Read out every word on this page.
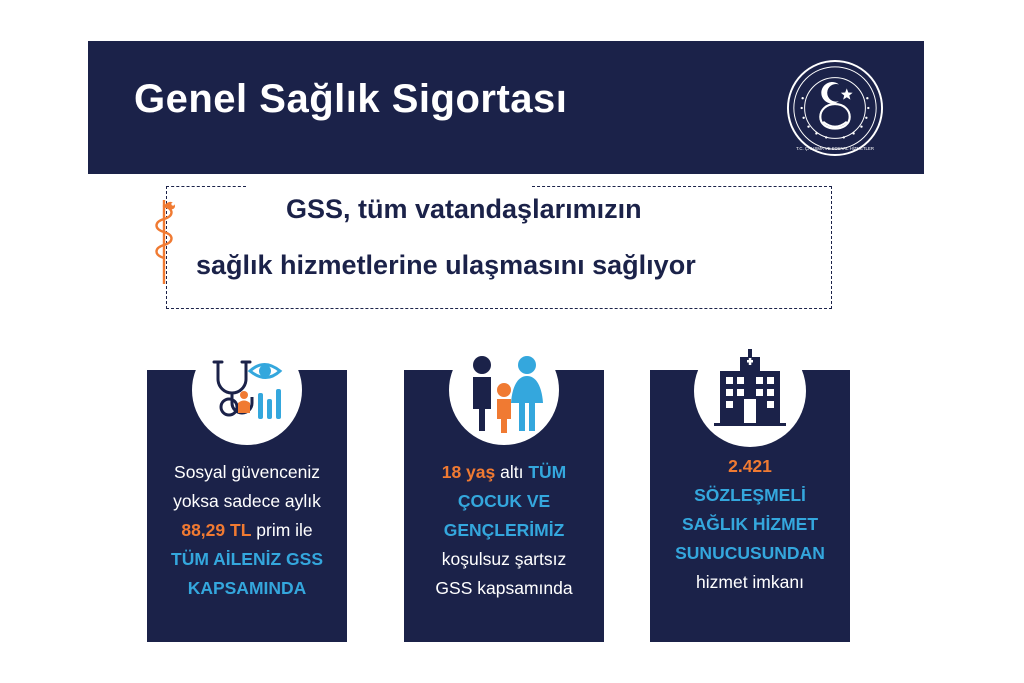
Genel Sağlık Sigortası
T.C. ÇALIŞMA VE SOSYAL HİZMETLER
GSS, tüm vatandaşlarımızın
sağlık hizmetlerine ulaşmasını sağlıyor
Sosyal güvenceniz
yoksa sadece aylık
88,29 TL prim ile
TÜM AİLENİZ GSS
KAPSAMINDA
18 yaş altı TÜM
ÇOCUK VE
GENÇLERİMİZ
koşulsuz şartsız
GSS kapsamında
2.421
SÖZLEŞMELİ
SAĞLIK HİZMET
SUNUCUSUNDAN
hizmet imkanı
